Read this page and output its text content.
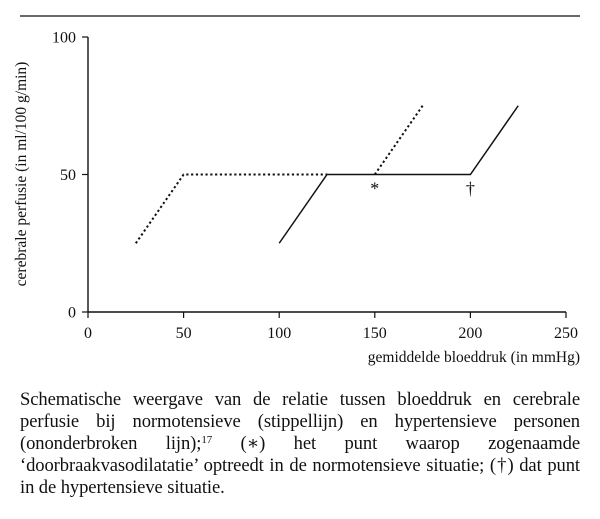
0	50	100	150	200	250
0
50
100
*	†
cerebrale perfusie (in ml/100 g/min)
gemiddelde bloeddruk (in mmHg)
Schematische weergave van de relatie tussen bloeddruk en cerebrale perfusie bij normotensieve (stippellijn) en hypertensieve personen (ononderbroken lijn);$^{17}$ (∗) het punt waarop zogenaamde ‘doorbraakvasodilatatie’ optreedt in de normotensieve situatie; (†) dat punt in de hypertensieve situatie.
